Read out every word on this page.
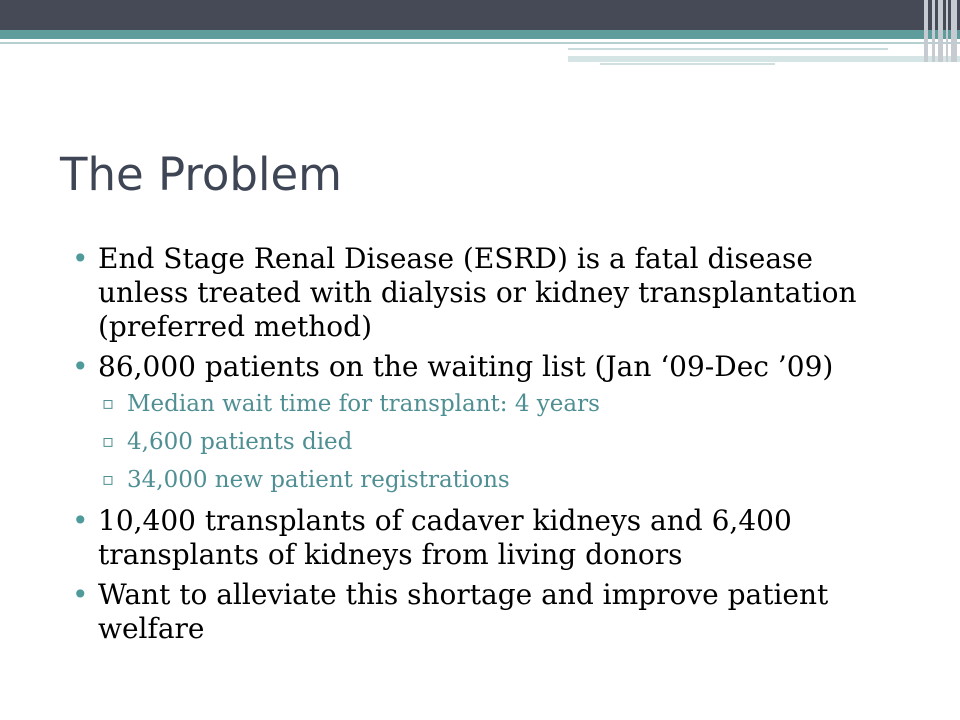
The Problem
• End Stage Renal Disease (ESRD) is a fatal disease unless treated with dialysis or kidney transplantation (preferred method)
• 86,000 patients on the waiting list (Jan ‘09-Dec ’09)
▫ Median wait time for transplant: 4 years
▫ 4,600 patients died
▫ 34,000 new patient registrations
• 10,400 transplants of cadaver kidneys and 6,400 transplants of kidneys from living donors
• Want to alleviate this shortage and improve patient welfare
